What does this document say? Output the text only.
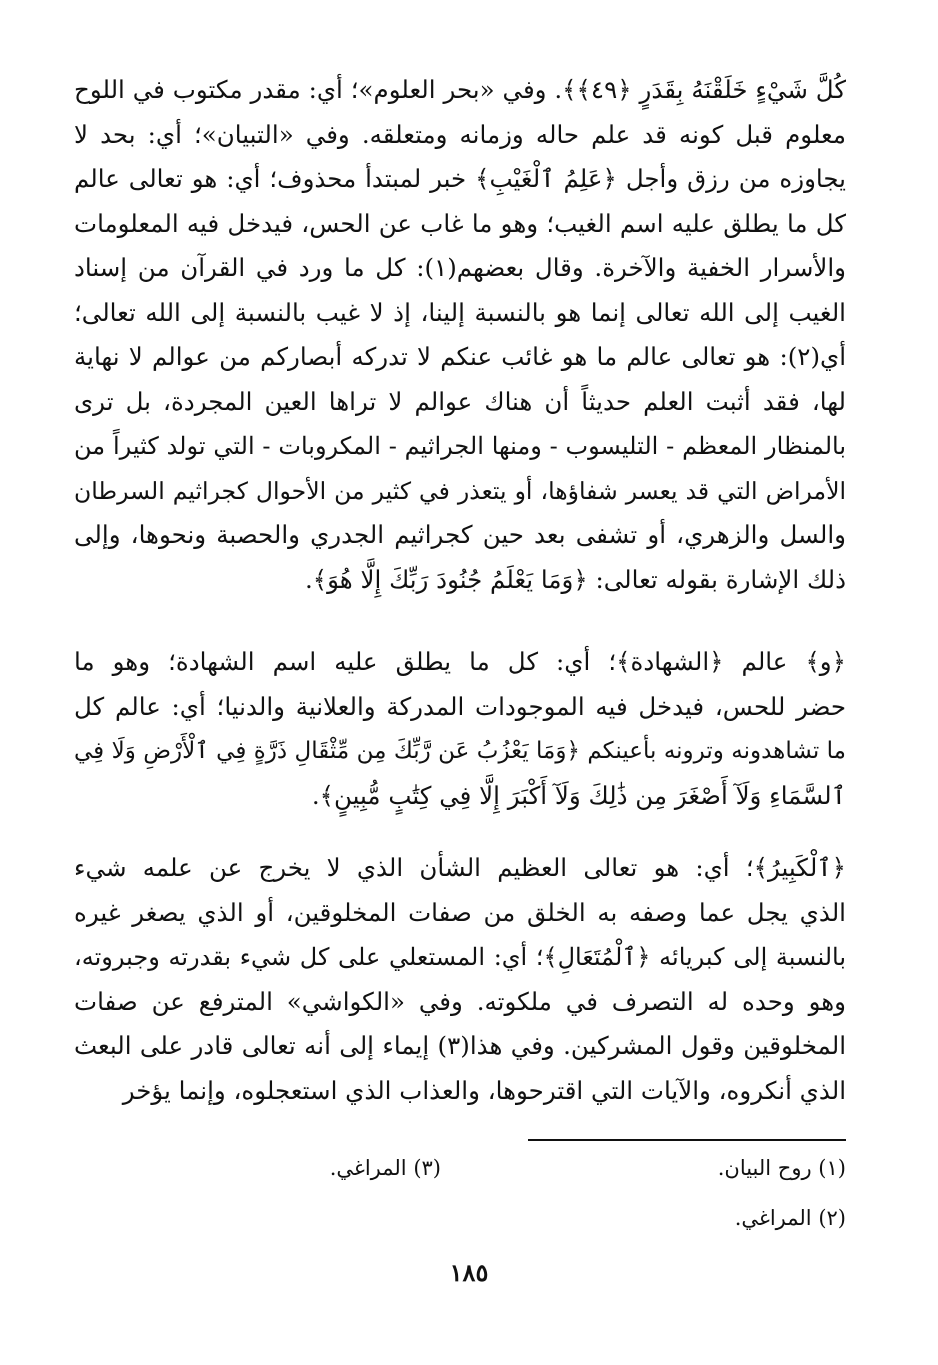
كُلَّ شَيْءٍ خَلَقْنَهُ بِقَدَرٍ ﴿٤٩﴾﴾. وفي «بحر العلوم»؛ أي: مقدر مكتوب في اللوح
معلوم قبل كونه قد علم حاله وزمانه ومتعلقه. وفي «التبيان»؛ أي: بحد لا
يجاوزه من رزق وأجل ﴿عَلِمُ ٱلْغَيْبِ﴾ خبر لمبتدأ محذوف؛ أي: هو تعالى عالم
كل ما يطلق عليه اسم الغيب؛ وهو ما غاب عن الحس، فيدخل فيه المعلومات
والأسرار الخفية والآخرة. وقال بعضهم(١): كل ما ورد في القرآن من إسناد
الغيب إلى الله تعالى إنما هو بالنسبة إلينا، إذ لا غيب بالنسبة إلى الله تعالى؛
أي(٢): هو تعالى عالم ما هو غائب عنكم لا تدركه أبصاركم من عوالم لا نهاية
لها، فقد أثبت العلم حديثاً أن هناك عوالم لا تراها العين المجردة، بل ترى
بالمنظار المعظم - التليسوب - ومنها الجراثيم - المكروبات - التي تولد كثيراً من
الأمراض التي قد يعسر شفاؤها، أو يتعذر في كثير من الأحوال كجراثيم السرطان
والسل والزهري، أو تشفى بعد حين كجراثيم الجدري والحصبة ونحوها، وإلى
ذلك الإشارة بقوله تعالى: ﴿وَمَا يَعْلَمُ جُنُودَ رَبِّكَ إِلَّا هُوَ﴾.
﴿و﴾ عالم ﴿الشهادة﴾؛ أي: كل ما يطلق عليه اسم الشهادة؛ وهو ما
حضر للحس، فيدخل فيه الموجودات المدركة والعلانية والدنيا؛ أي: عالم كل
ما تشاهدونه وترونه بأعينكم ﴿وَمَا يَعْزُبُ عَن رَّبِّكَ مِن مِّثْقَالِ ذَرَّةٍ فِي ٱلْأَرْضِ وَلَا فِي
ٱلسَّمَاءِ وَلَآ أَصْغَرَ مِن ذَٰلِكَ وَلَآ أَكْبَرَ إِلَّا فِي كِتَٰبٍ مُّبِينٍ﴾.
﴿ٱلْكَبِيرُ﴾؛ أي: هو تعالى العظيم الشأن الذي لا يخرج عن علمه شيء
الذي يجل عما وصفه به الخلق من صفات المخلوقين، أو الذي يصغر غيره
بالنسبة إلى كبريائه ﴿ٱلْمُتَعَالِ﴾؛ أي: المستعلي على كل شيء بقدرته وجبروته،
وهو وحده له التصرف في ملكوته. وفي «الكواشي» المترفع عن صفات
المخلوقين وقول المشركين. وفي هذا(٣) إيماء إلى أنه تعالى قادر على البعث
الذي أنكروه، والآيات التي اقترحوها، والعذاب الذي استعجلوه، وإنما يؤخر
(١) روح البيان.
(٣) المراغي.
(٢) المراغي.
١٨٥
